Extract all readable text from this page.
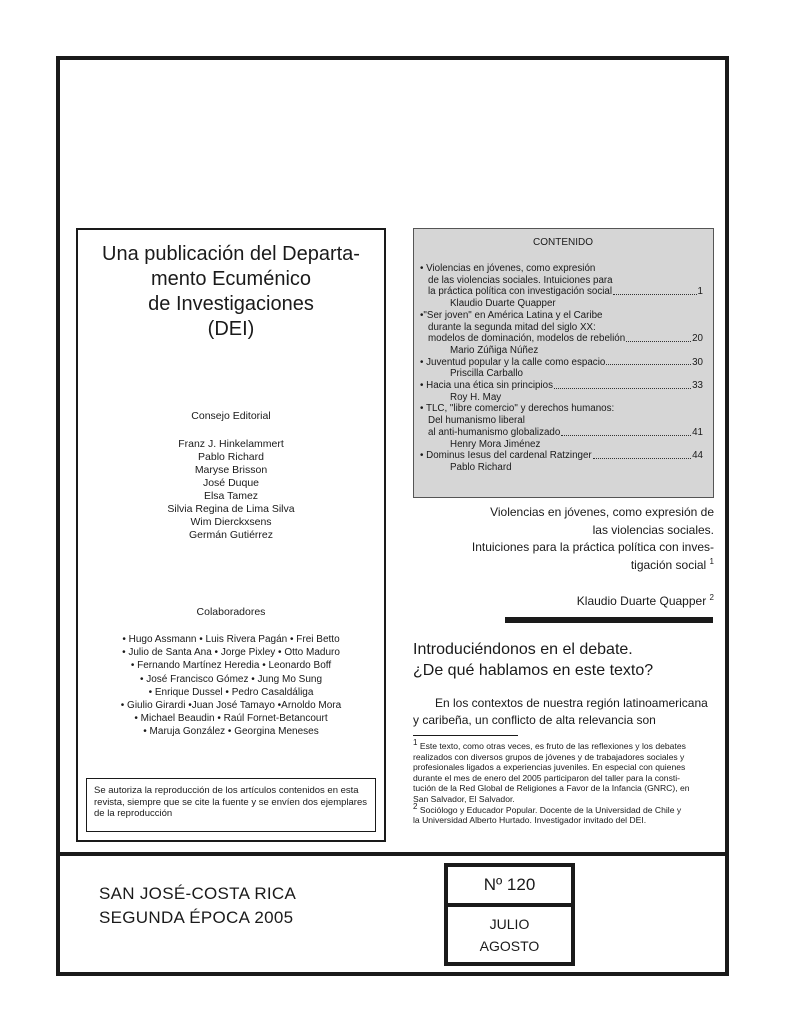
Una publicación del Departa-
mento Ecuménico
de Investigaciones
(DEI)
Consejo Editorial
Franz J. Hinkelammert
Pablo Richard
Maryse Brisson
José Duque
Elsa Tamez
Silvia Regina de Lima Silva
Wim Dierckxsens
Germán Gutiérrez
Colaboradores
• Hugo Assmann • Luis Rivera Pagán • Frei Betto
• Julio de Santa Ana • Jorge Pixley • Otto Maduro
• Fernando Martínez Heredia • Leonardo Boff
• José Francisco Gómez • Jung Mo Sung
• Enrique Dussel • Pedro Casaldáliga
• Giulio Girardi •Juan José Tamayo •Arnoldo Mora
• Michael Beaudin • Raúl Fornet-Betancourt
• Maruja González • Georgina Meneses
Se autoriza la reproducción de los artículos contenidos en esta revista, siempre que se cite la fuente y se envíen dos ejemplares de la reproducción
CONTENIDO
• Violencias en jóvenes, como expresión
de las violencias sociales. Intuiciones para
la práctica política con investigación social	1
Klaudio Duarte Quapper
•"Ser joven" en América Latina y el Caribe
durante la segunda mitad del siglo XX:
modelos de dominación, modelos de rebelión	20
Mario Zúñiga Núñez
• Juventud popular y la calle como espacio	30
Priscilla Carballo
• Hacia una ética sin principios	33
Roy H. May
• TLC, "libre comercio" y derechos humanos:
Del humanismo liberal
al anti-humanismo globalizado	41
Henry Mora Jiménez
• Dominus Iesus del cardenal Ratzinger	44
Pablo Richard
Violencias en jóvenes, como expresión de
las violencias sociales.
Intuiciones para la práctica política con inves-
tigación social $^1$
Klaudio Duarte Quapper $^2$
Introduciéndonos en el debate.
¿De qué hablamos en este texto?
En los contextos de nuestra región latinoamericana
y caribeña, un conflicto de alta relevancia son
$^1$ Este texto, como otras veces, es fruto de las reflexiones y los debates
realizados con diversos grupos de jóvenes y de trabajadores sociales y
profesionales ligados a experiencias juveniles. En especial con quienes
durante el mes de enero del 2005 participaron del taller para la consti-
tución de la Red Global de Religiones a Favor de la Infancia (GNRC), en
San Salvador, El Salvador.
$^2$ Sociólogo y Educador Popular. Docente de la Universidad de Chile y
la Universidad Alberto Hurtado. Investigador invitado del DEI.
SAN JOSÉ-COSTA RICA
SEGUNDA ÉPOCA 2005
Nº 120
JULIO
AGOSTO
